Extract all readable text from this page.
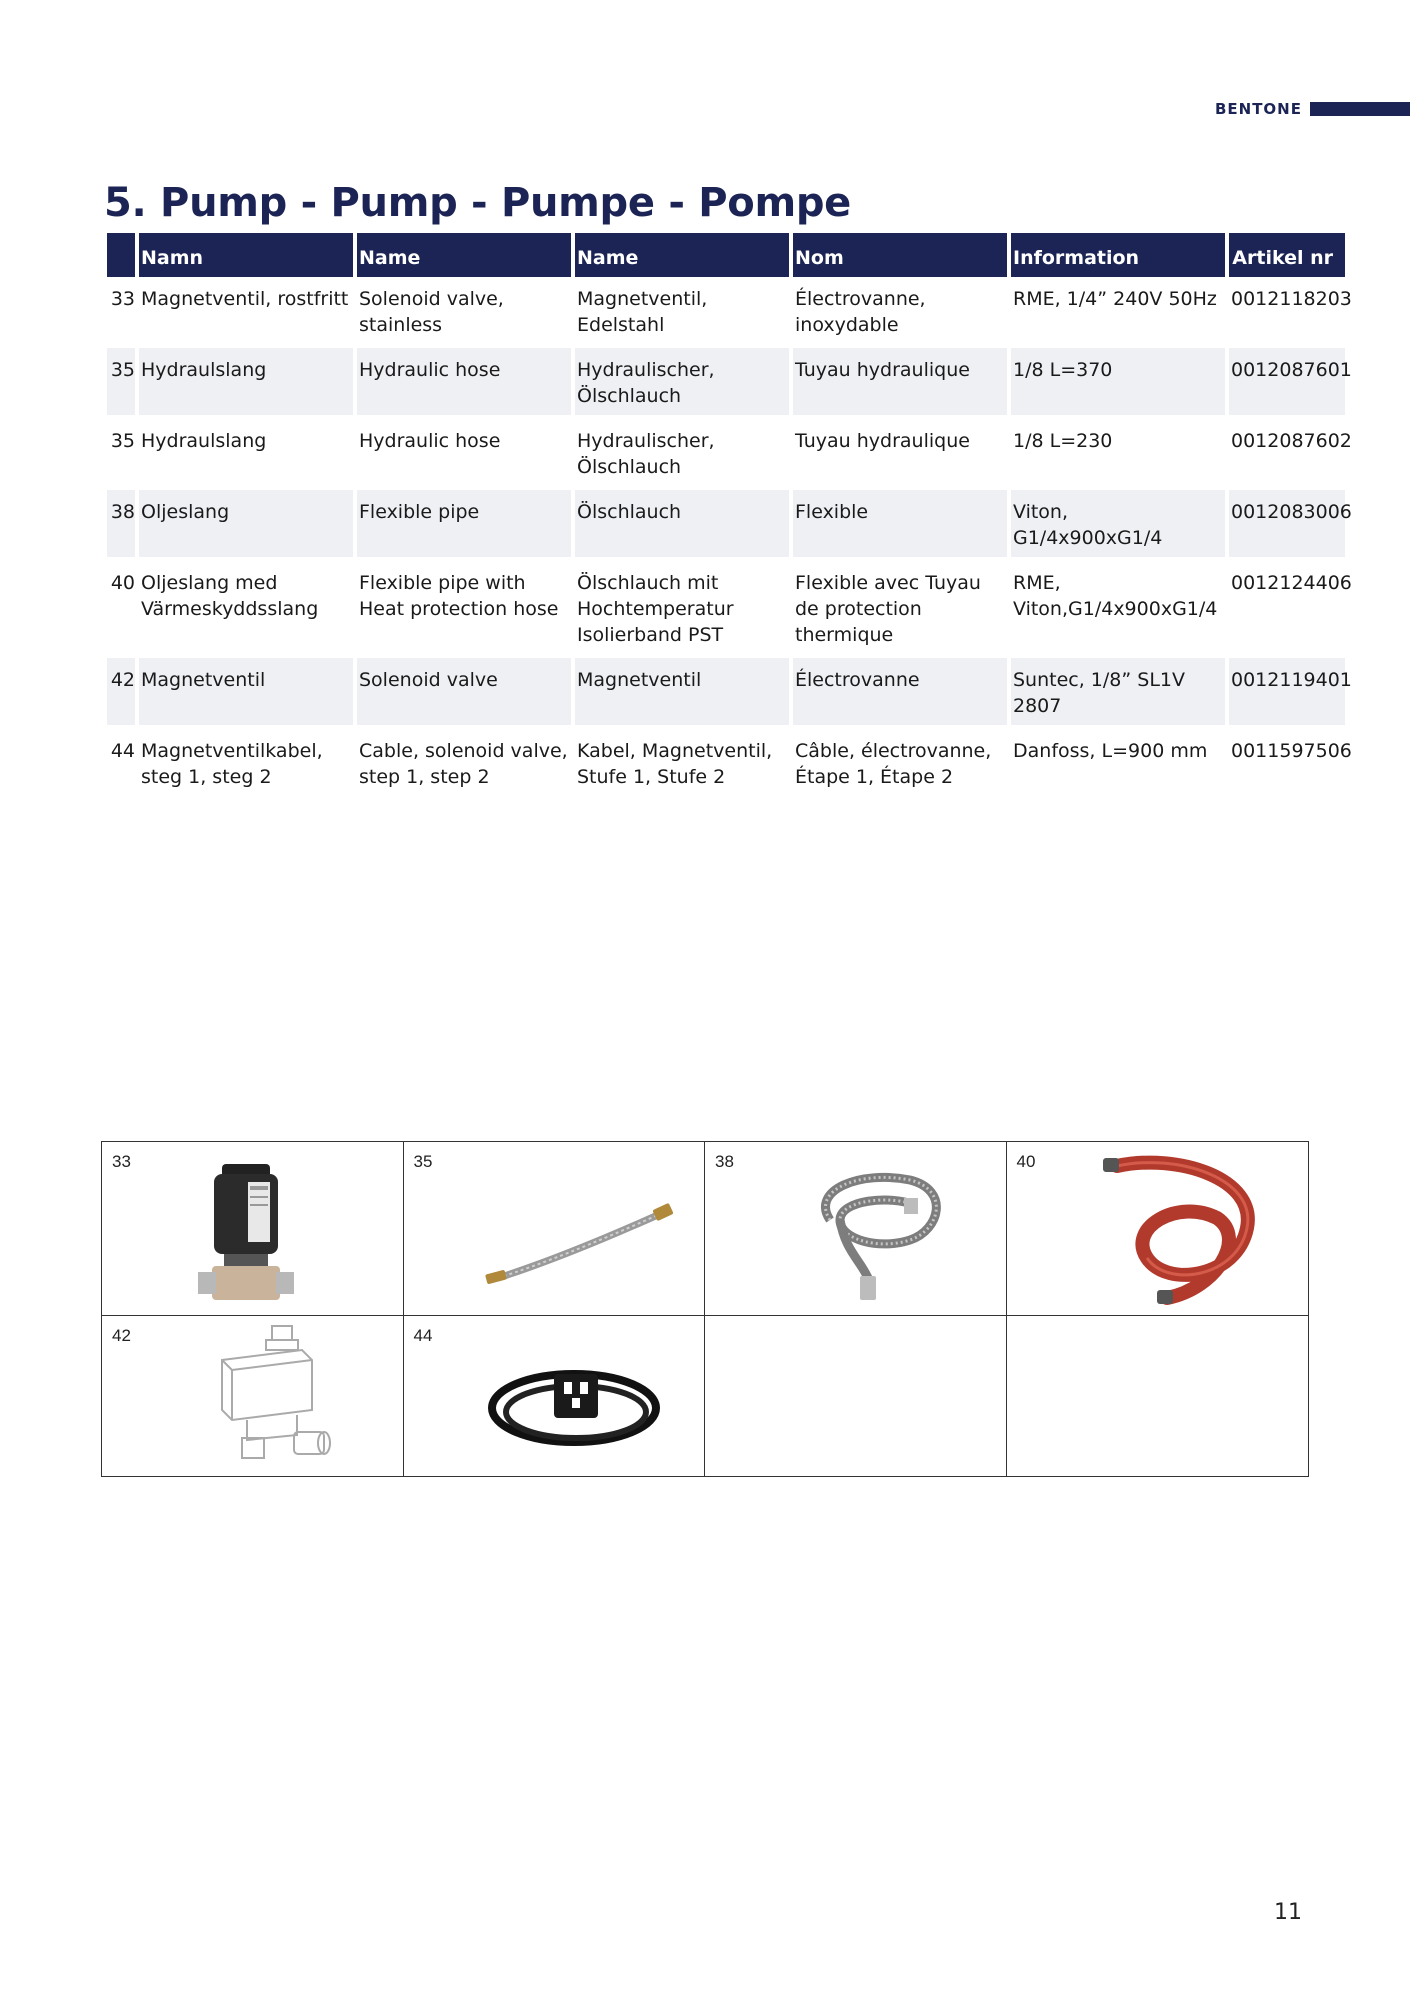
BENTONE
5. Pump - Pump - Pumpe - Pompe
	Namn	Name	Name	Nom	Information	Artikel nr
33	Magnetventil, rostfritt	Solenoid valve, stainless	Magnetventil, Edelstahl	Électrovanne, inoxydable	RME, 1/4” 240V 50Hz	0012118203

35	Hydraulslang	Hydraulic hose	Hydraulischer, Ölschlauch	Tuyau hydraulique	1/8 L=370	0012087601

35	Hydraulslang	Hydraulic hose	Hydraulischer, Ölschlauch	Tuyau hydraulique	1/8 L=230	0012087602

38	Oljeslang	Flexible pipe	Ölschlauch	Flexible	Viton, G1/4x900xG1/4	0012083006

40	Oljeslang med Värmeskyddsslang	Flexible pipe with Heat protection hose	Ölschlauch mit Hochtemperatur Isolierband PST	Flexible avec Tuyau de protection thermique	RME, Viton,G1/4x900xG1/4	0012124406

42	Magnetventil	Solenoid valve	Magnetventil	Électrovanne	Suntec, 1/8” SL1V 2807	0012119401

44	Magnetventilkabel, steg 1, steg 2	Cable, solenoid valve, step 1, step 2	Kabel, Magnetventil, Stufe 1, Stufe 2	Câble, électrovanne, Étape 1, Étape 2	Danfoss, L=900 mm	0011597506
33	35	38	40
42	44
11
